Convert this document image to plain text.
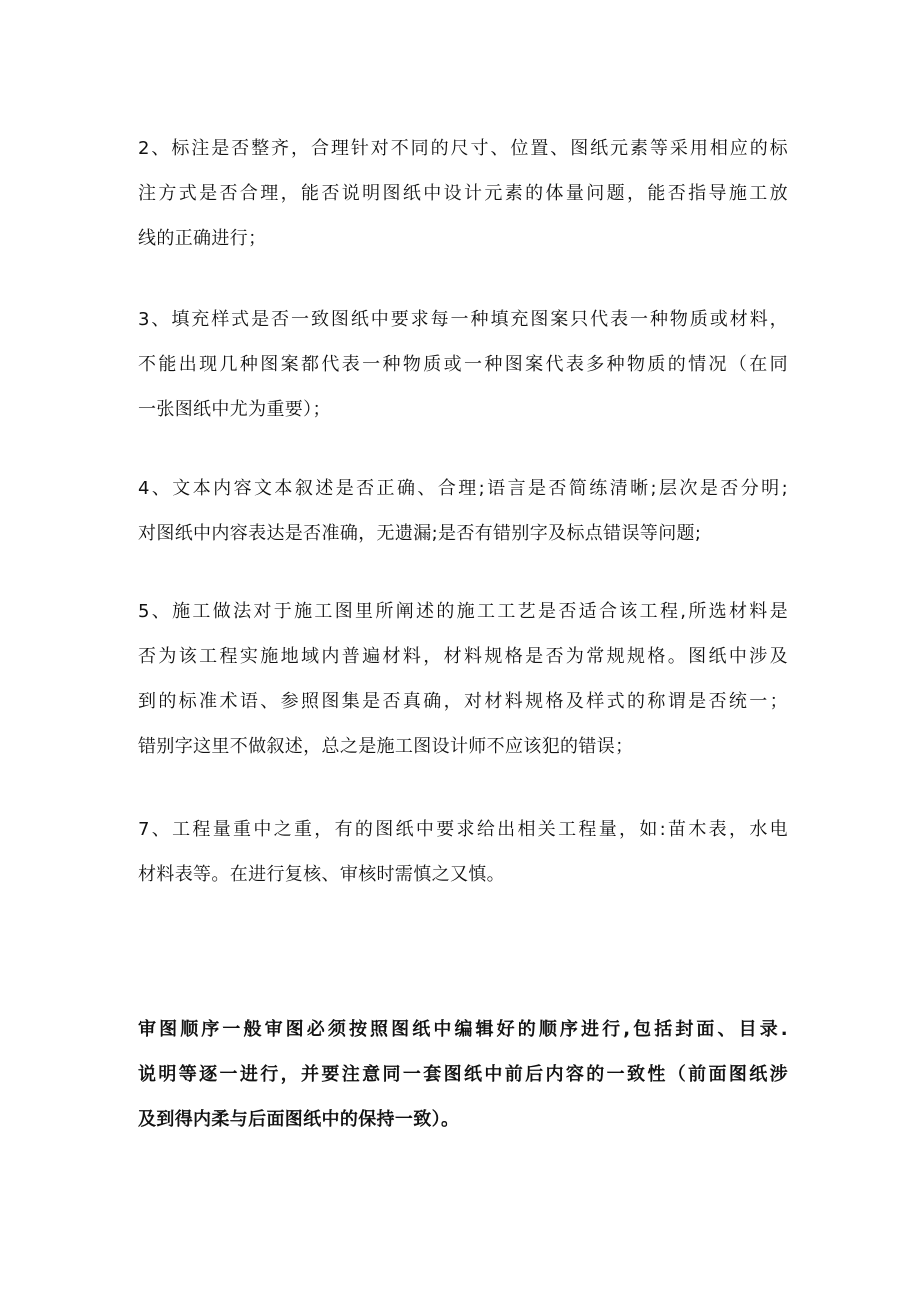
2、标注是否整齐，合理针对不同的尺寸、位置、图纸元素等采用相应的标
注方式是否合理，能否说明图纸中设计元素的体量问题，能否指导施工放
线的正确进行；
3、填充样式是否一致图纸中要求每一种填充图案只代表一种物质或材料，
不能出现几种图案都代表一种物质或一种图案代表多种物质的情况（在同
一张图纸中尤为重要）；
4、文本内容文本叙述是否正确、合理;语言是否简练清晰;层次是否分明;
对图纸中内容表达是否准确，无遗漏;是否有错别字及标点错误等问题;
5、施工做法对于施工图里所阐述的施工工艺是否适合该工程,所选材料是
否为该工程实施地域内普遍材料，材料规格是否为常规规格。图纸中涉及
到的标准术语、参照图集是否真确，对材料规格及样式的称谓是否统一；
错别字这里不做叙述，总之是施工图设计师不应该犯的错误；
7、工程量重中之重，有的图纸中要求给出相关工程量，如:苗木表，水电
材料表等。在进行复核、审核时需慎之又慎。
审图顺序一般审图必须按照图纸中编辑好的顺序进行,包括封面、目录.
说明等逐一进行，并要注意同一套图纸中前后内容的一致性（前面图纸涉
及到得内柔与后面图纸中的保持一致）。
